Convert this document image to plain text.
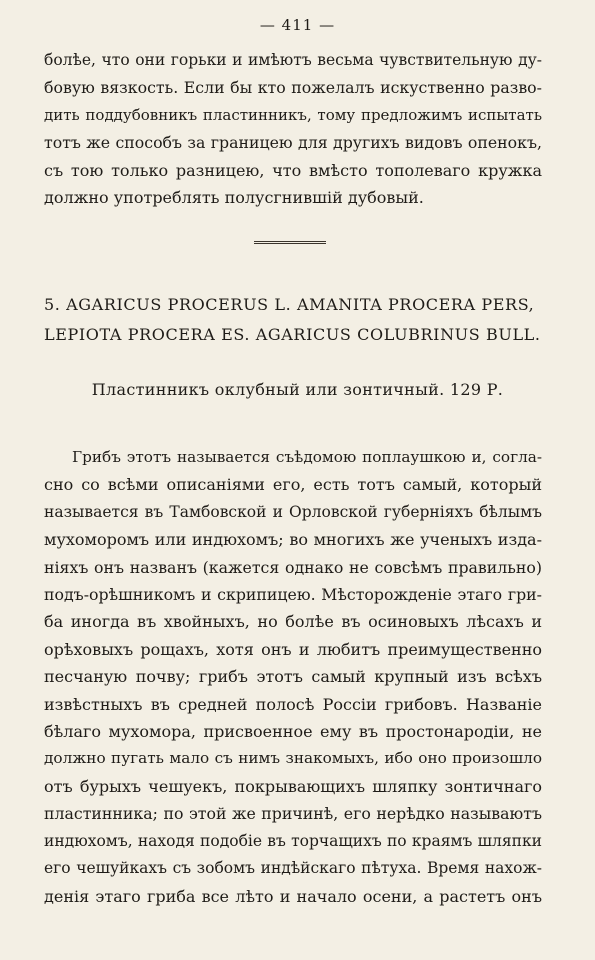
— 411 —
болѣе, что они горьки и имѣютъ весьма чувствительную ду-
бовую вязкость. Если бы кто пожелалъ искуственно разво-
дить поддубовникъ пластинникъ, тому предложимъ испытать
тотъ же способъ за границею для другихъ видовъ опенокъ,
съ тою только разницею, что вмѣсто тополеваго кружка
должно употреблять полусгнившій дубовый.
5. AGARICUS PROCERUS L. AMANITA PROCERA PERS,
LEPIOTA PROCERA ES. AGARICUS COLUBRINUS BULL.
Пластинникъ оклубный или зонтичный. 129 Р.
Грибъ этотъ называется съѣдомою поплаушкою и, согла-
сно со всѣми описаніями его, есть тотъ самый, который
называется въ Тамбовской и Орловской губерніяхъ бѣлымъ
мухоморомъ или индюхомъ; во многихъ же ученыхъ изда-
ніяхъ онъ названъ (кажется однако не совсѣмъ правильно)
подъ-орѣшникомъ и скрипицею. Мѣсторожденіе этаго гри-
ба иногда въ хвойныхъ, но болѣе въ осиновыхъ лѣсахъ и
орѣховыхъ рощахъ, хотя онъ и любитъ преимущественно
песчаную почву; грибъ этотъ самый крупный изъ всѣхъ
извѣстныхъ въ средней полосѣ Россіи грибовъ. Названіе
бѣлаго мухомора, присвоенное ему въ простонародіи, не
должно пугать мало съ нимъ знакомыхъ, ибо оно произошло
отъ бурыхъ чешуекъ, покрывающихъ шляпку зонтичнаго
пластинника; по этой же причинѣ, его нерѣдко называютъ
индюхомъ, находя подобіе въ торчащихъ по краямъ шляпки
его чешуйкахъ съ зобомъ индѣйскаго пѣтуха. Время нахож-
денія этаго гриба все лѣто и начало осени, а растетъ онъ
